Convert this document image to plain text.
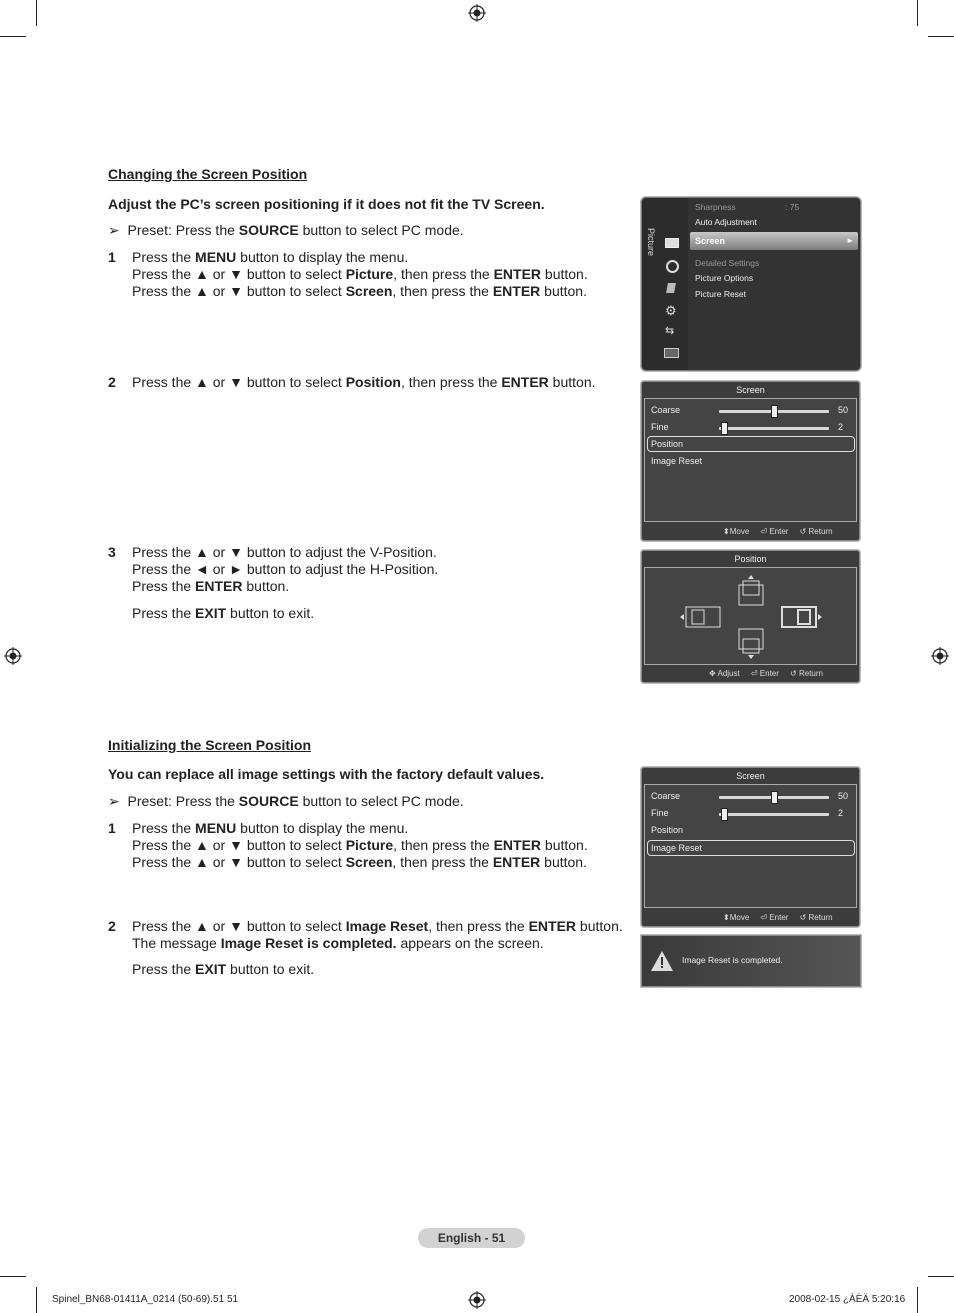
Changing the Screen Position
Adjust the PC’s screen positioning if it does not fit the TV Screen.
➢ Preset: Press the SOURCE button to select PC mode.
1 Press the MENU button to display the menu.
Press the ▲ or ▼ button to select Picture, then press the ENTER button.
Press the ▲ or ▼ button to select Screen, then press the ENTER button.
2 Press the ▲ or ▼ button to select Position, then press the ENTER button.
3 Press the ▲ or ▼ button to adjust the V-Position.
Press the ◄ or ► button to adjust the H-Position.
Press the ENTER button.
Press the EXIT button to exit.
Picture
⚙
⇆
Sharpness	: 75
Auto Adjustment
Screen	►
Detailed Settings
Picture Options
Picture Reset
Screen
Coarse	50
Fine	2
Position
Image Reset
⬍Move ⏎ Enter ↺ Return
Position
✥ Adjust ⏎ Enter ↺ Return
Initializing the Screen Position
You can replace all image settings with the factory default values.
➢ Preset: Press the SOURCE button to select PC mode.
1 Press the MENU button to display the menu.
Press the ▲ or ▼ button to select Picture, then press the ENTER button.
Press the ▲ or ▼ button to select Screen, then press the ENTER button.
2 Press the ▲ or ▼ button to select Image Reset, then press the ENTER button.
The message Image Reset is completed. appears on the screen.
Press the EXIT button to exit.
Screen
Coarse	50
Fine	2
Position
Image Reset
⬍Move ⏎ Enter ↺ Return
Image Reset is completed.
English - 51
Spinel_BN68-01411A_0214 (50-69).51 51	2008-02-15 ¿ÀÈÄ 5:20:16
